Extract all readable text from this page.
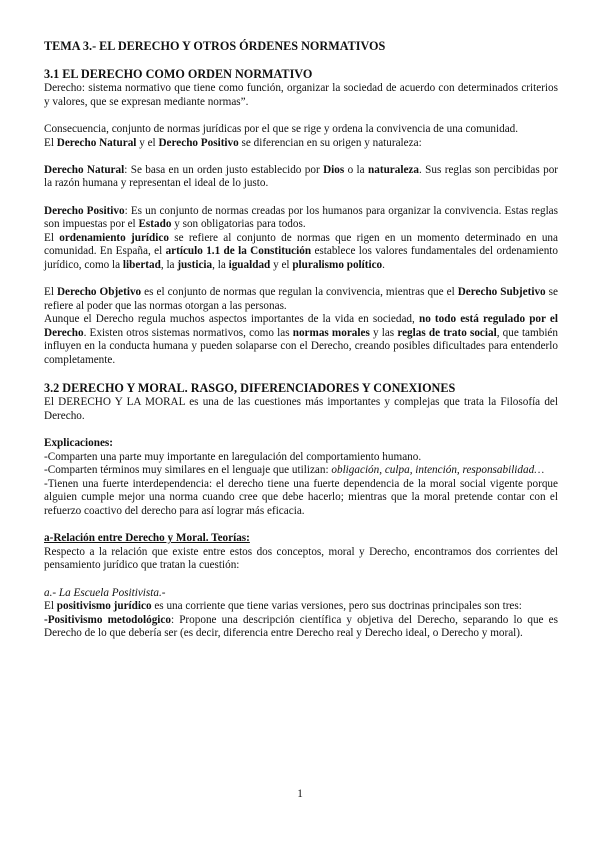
TEMA 3.- EL DERECHO Y OTROS ÓRDENES NORMATIVOS

3.1 EL DERECHO COMO ORDEN NORMATIVO

Derecho: sistema normativo que tiene como función, organizar la sociedad de acuerdo con determinados criterios y valores, que se expresan mediante normas”.

Consecuencia, conjunto de normas jurídicas por el que se rige y ordena la convivencia de una comunidad.

El Derecho Natural y el Derecho Positivo se diferencian en su origen y naturaleza:

Derecho Natural: Se basa en un orden justo establecido por Dios o la naturaleza. Sus reglas son percibidas por la razón humana y representan el ideal de lo justo.

Derecho Positivo: Es un conjunto de normas creadas por los humanos para organizar la convivencia. Estas reglas son impuestas por el Estado y son obligatorias para todos.

El ordenamiento jurídico se refiere al conjunto de normas que rigen en un momento determinado en una comunidad. En España, el artículo 1.1 de la Constitución establece los valores fundamentales del ordenamiento jurídico, como la libertad, la justicia, la igualdad y el pluralismo político.

El Derecho Objetivo es el conjunto de normas que regulan la convivencia, mientras que el Derecho Subjetivo se refiere al poder que las normas otorgan a las personas.

Aunque el Derecho regula muchos aspectos importantes de la vida en sociedad, no todo está regulado por el Derecho. Existen otros sistemas normativos, como las normas morales y las reglas de trato social, que también influyen en la conducta humana y pueden solaparse con el Derecho, creando posibles dificultades para entenderlo completamente.

3.2 DERECHO Y MORAL. RASGO, DIFERENCIADORES Y CONEXIONES

El DERECHO Y LA MORAL es una de las cuestiones más importantes y complejas que trata la Filosofía del Derecho.

Explicaciones:

-Comparten una parte muy importante en laregulación del comportamiento humano.

-Comparten términos muy similares en el lenguaje que utilizan: obligación, culpa, intención, responsabilidad…

-Tienen una fuerte interdependencia: el derecho tiene una fuerte dependencia de la moral social vigente porque alguien cumple mejor una norma cuando cree que debe hacerlo; mientras que la moral pretende contar con el refuerzo coactivo del derecho para así lograr más eficacia.

a-Relación entre Derecho y Moral. Teorías:

Respecto a la relación que existe entre estos dos conceptos, moral y Derecho, encontramos dos corrientes del pensamiento jurídico que tratan la cuestión:

a.- La Escuela Positivista.-

El positivismo jurídico es una corriente que tiene varias versiones, pero sus doctrinas principales son tres:

-Positivismo metodológico: Propone una descripción científica y objetiva del Derecho, separando lo que es Derecho de lo que debería ser (es decir, diferencia entre Derecho real y Derecho ideal, o Derecho y moral).

1
